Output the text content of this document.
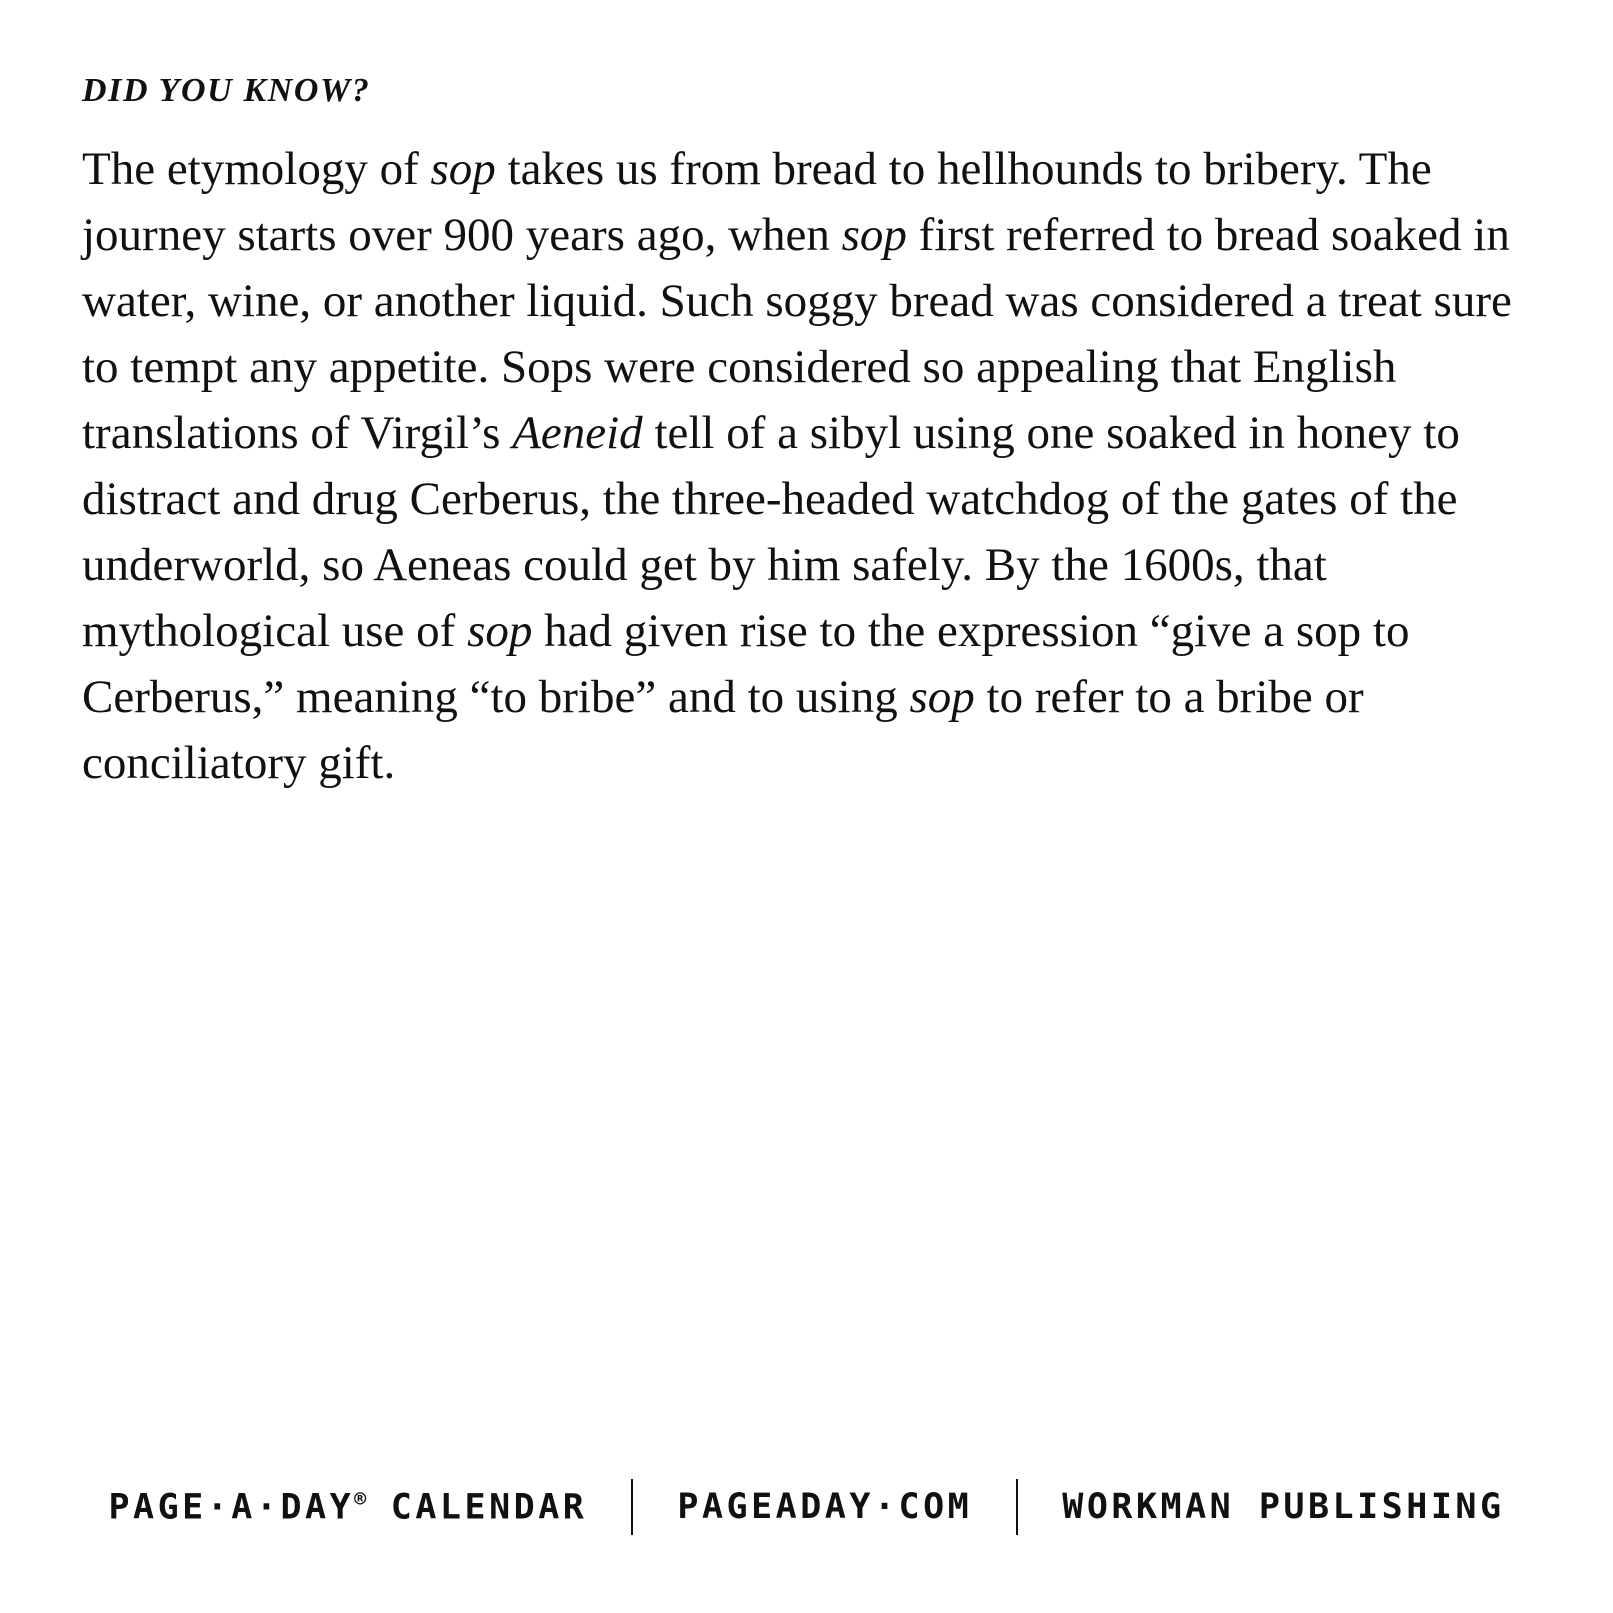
DID YOU KNOW?

The etymology of sop takes us from bread to hellhounds to bribery. The journey starts over 900 years ago, when sop first referred to bread soaked in water, wine, or another liquid. Such soggy bread was considered a treat sure to tempt any appetite. Sops were considered so appealing that English translations of Virgil’s Aeneid tell of a sibyl using one soaked in honey to distract and drug Cerberus, the three-headed watchdog of the gates of the underworld, so Aeneas could get by him safely. By the 1600s, that mythological use of sop had given rise to the expression “give a sop to Cerberus,” meaning “to bribe” and to using sop to refer to a bribe or conciliatory gift.

PAGE·A·DAY® CALENDAR	PAGEADAY·COM	WORKMAN PUBLISHING
